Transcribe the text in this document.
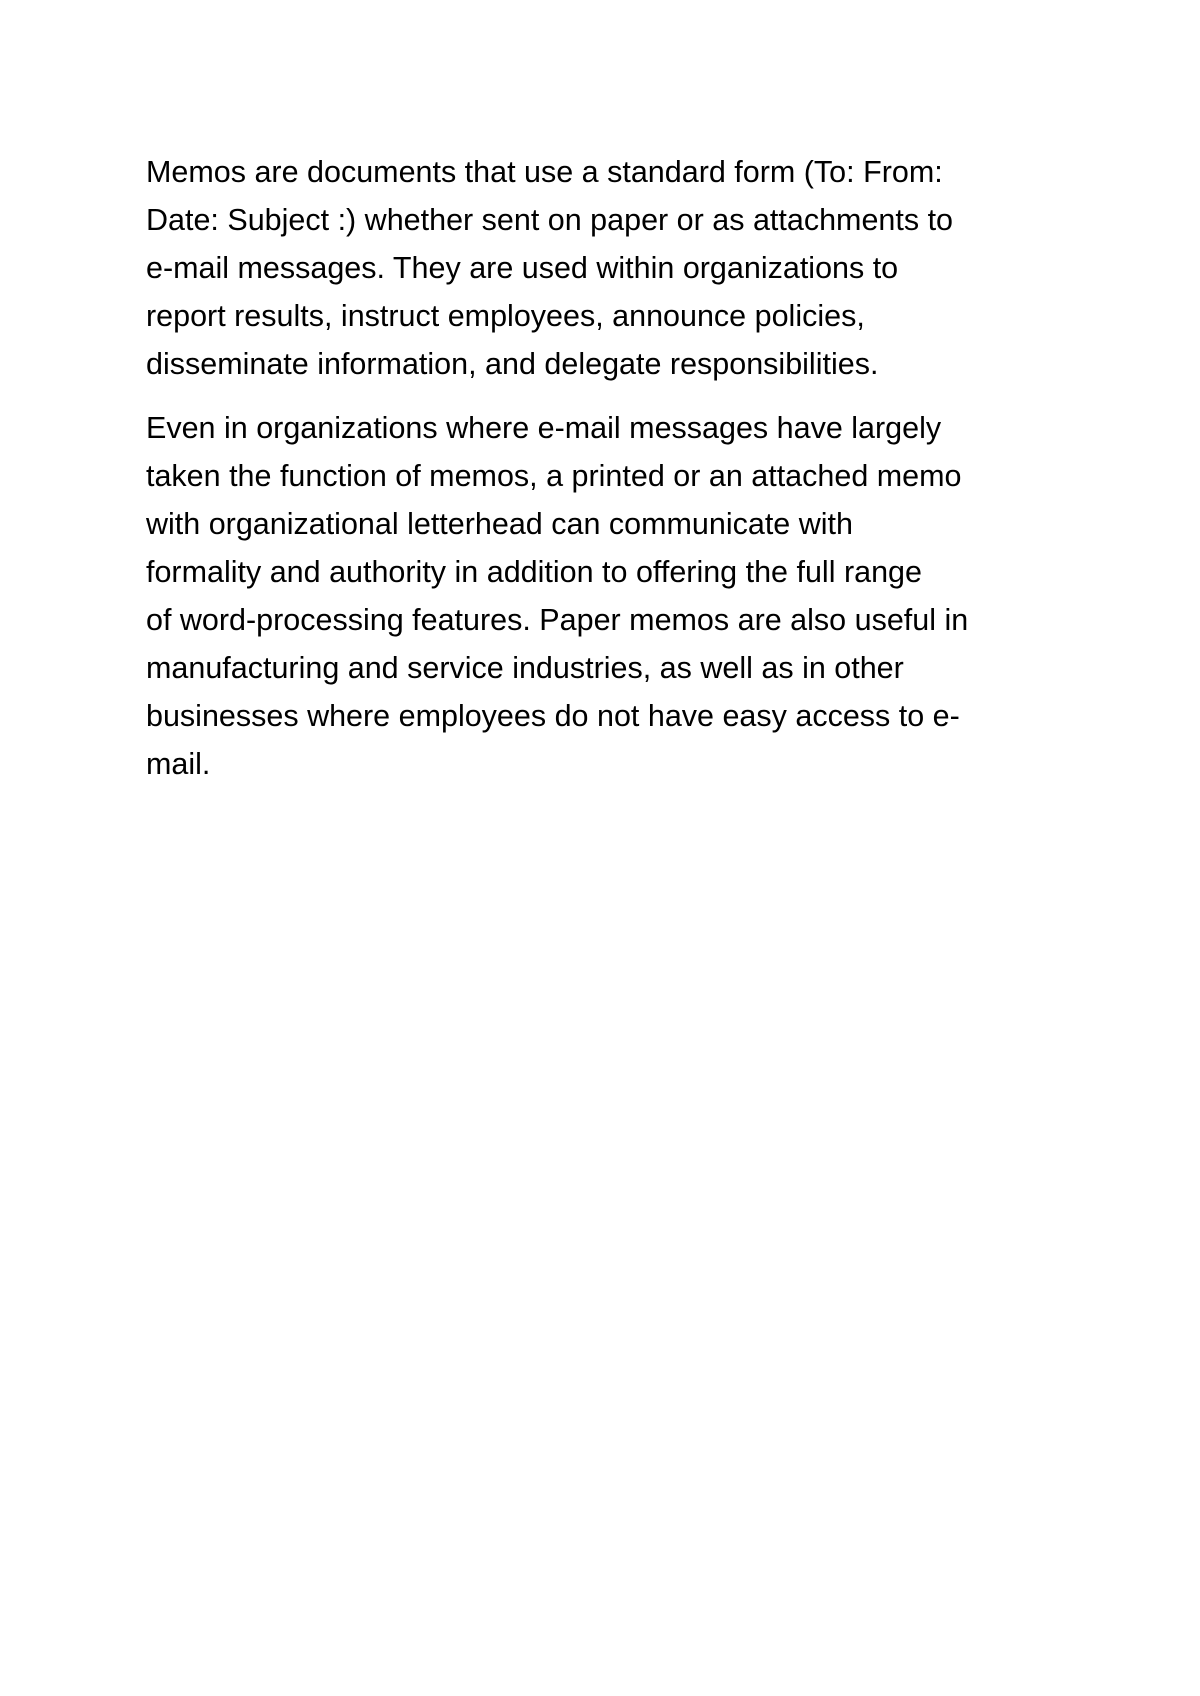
Memos are documents that use a standard form (To: From:
Date: Subject :) whether sent on paper or as attachments to
e-mail messages. They are used within organizations to
report results, instruct employees, announce policies,
disseminate information, and delegate responsibilities.

Even in organizations where e-mail messages have largely
taken the function of memos, a printed or an attached memo
with organizational letterhead can communicate with
formality and authority in addition to offering the full range
of word-processing features. Paper memos are also useful in
manufacturing and service industries, as well as in other
businesses where employees do not have easy access to e-
mail.
